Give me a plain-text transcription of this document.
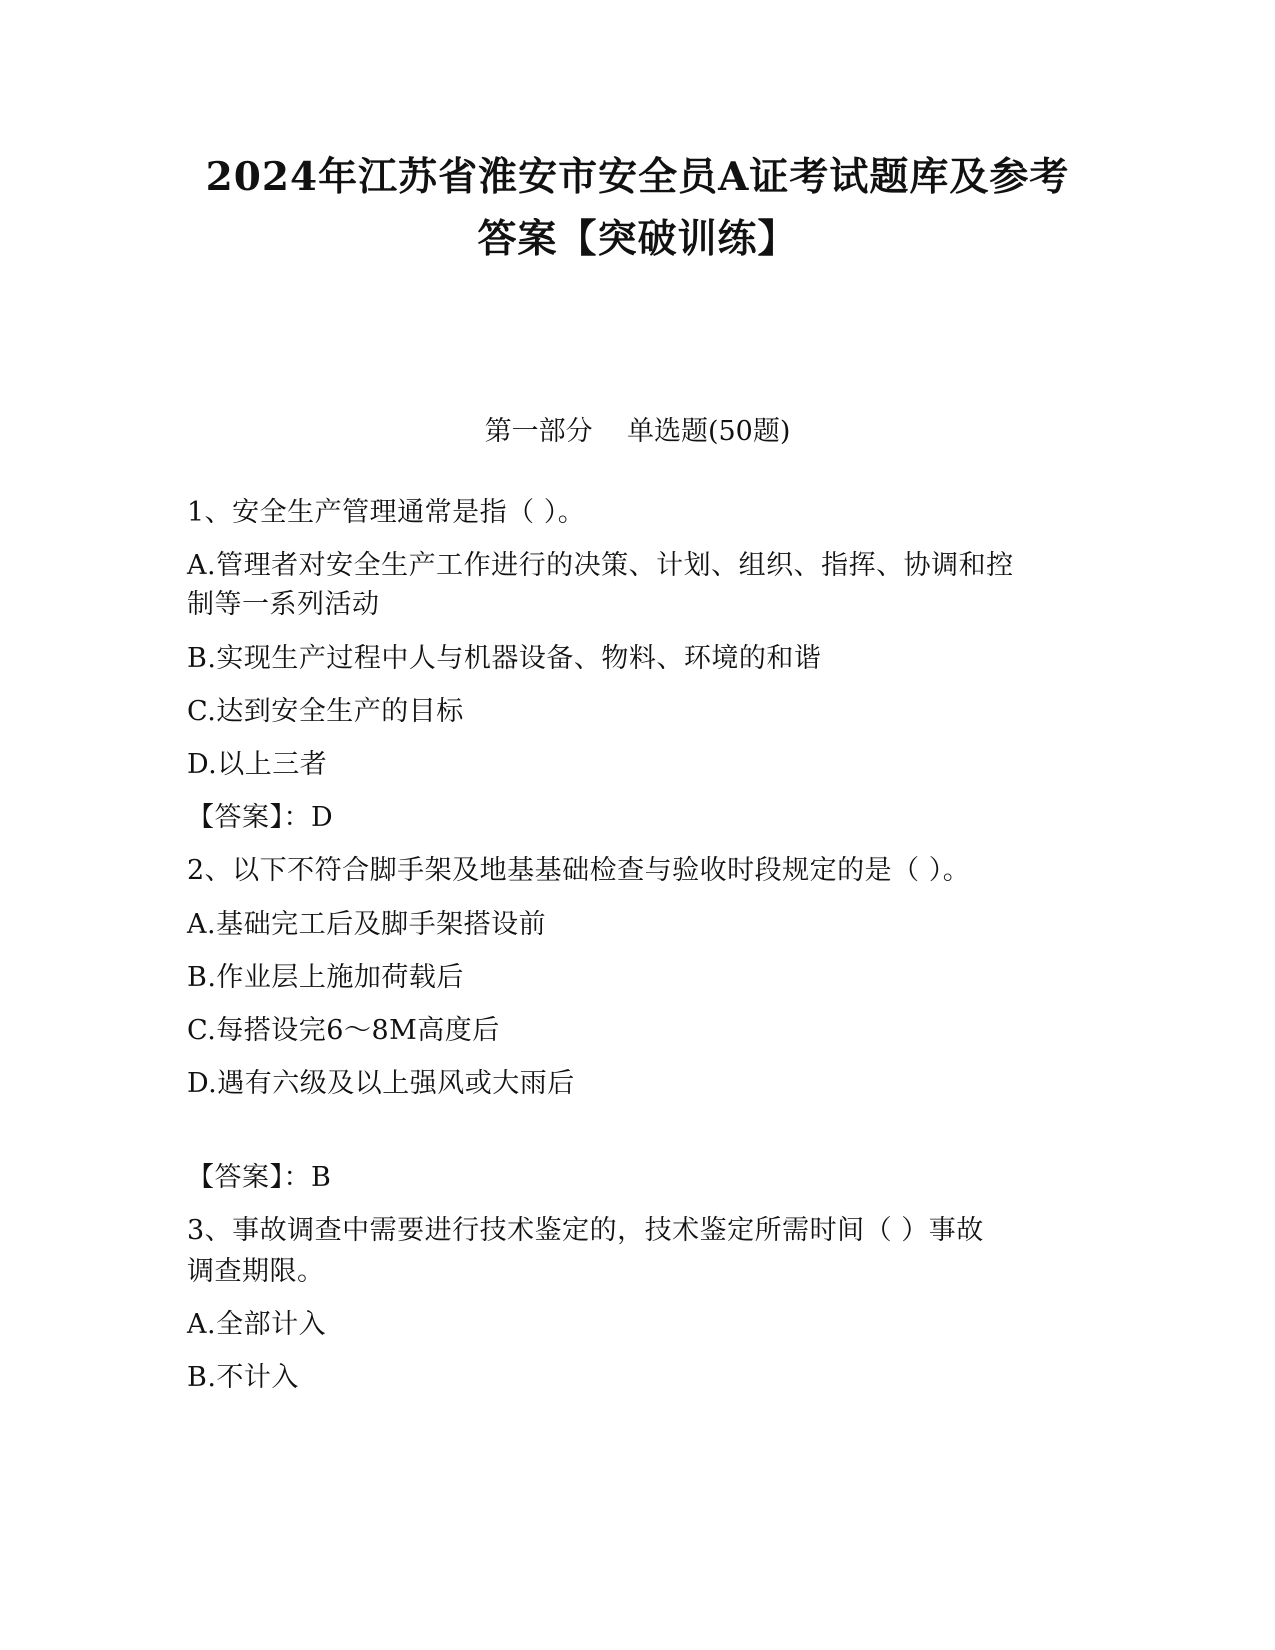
2024年江苏省淮安市安全员A证考试题库及参考
答案【突破训练】
第一部分    单选题(50题)
1、安全生产管理通常是指（ ）。
A.管理者对安全生产工作进行的决策、计划、组织、指挥、协调和控
制等一系列活动
B.实现生产过程中人与机器设备、物料、环境的和谐
C.达到安全生产的目标
D.以上三者
【答案】：D
2、以下不符合脚手架及地基基础检查与验收时段规定的是（ ）。
A.基础完工后及脚手架搭设前
B.作业层上施加荷载后
C.每搭设完6～8M高度后
D.遇有六级及以上强风或大雨后
【答案】：B
3、事故调查中需要进行技术鉴定的，技术鉴定所需时间（ ）事故
调查期限。
A.全部计入
B.不计入
